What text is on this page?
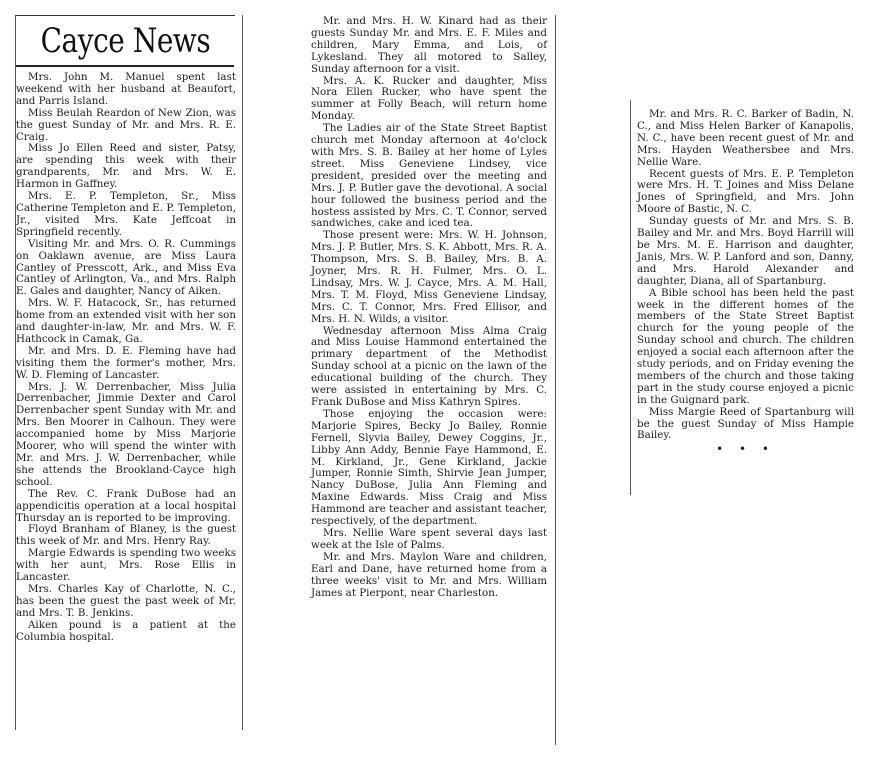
Cayce News

Mrs. John M. Manuel spent last weekend with her husband at Beaufort, and Parris Island.

Miss Beulah Reardon of New Zion, was the guest Sunday of Mr. and Mrs. R. E. Craig.

Miss Jo Ellen Reed and sister, Patsy, are spending this week with their grandparents, Mr. and Mrs. W. E. Harmon in Gaffney.

Mrs. E. P. Templeton, Sr., Miss Catherine Templeton and E. P. Templeton, Jr., visited Mrs. Kate Jeffcoat in Springfield recently.

Visiting Mr. and Mrs. O. R. Cummings on Oaklawn avenue, are Miss Laura Cantley of Presscott, Ark., and Miss Eva Cantley of Arlington, Va., and Mrs. Ralph E. Gales and daughter, Nancy of Aiken.

Mrs. W. F. Hatacock, Sr., has returned home from an extended visit with her son and daughter-in-law, Mr. and Mrs. W. F. Hathcock in Camak, Ga.

Mr. and Mrs. D. E. Fleming have had visiting them the former's mother, Mrs. W. D. Fleming of Lancaster.

Mrs. J. W. Derrenbacher, Miss Julia Derrenbacher, Jimmie Dexter and Carol Derrenbacher spent Sunday with Mr. and Mrs. Ben Moorer in Calhoun. They were accompanied home by Miss Marjorie Moorer, who will spend the winter with Mr. and Mrs. J. W. Derrenbacher, while she attends the Brookland-Cayce high school.

The Rev. C. Frank DuBose had an appendicitis operation at a local hospital Thursday an is reported to be improving.

Floyd Branham of Blaney, is the guest this week of Mr. and Mrs. Henry Ray.

Margie Edwards is spending two weeks with her aunt, Mrs. Rose Ellis in Lancaster.

Mrs. Charles Kay of Charlotte, N. C., has been the guest the past week of Mr. and Mrs. T. B. Jenkins.

Aiken pound is a patient at the Columbia hospital.

Mr. and Mrs. H. W. Kinard had as their guests Sunday Mr. and Mrs. E. F. Miles and children, Mary Emma, and Lois, of Lykesland. They all motored to Salley, Sunday afternoon for a visit.

Mrs. A. K. Rucker and daughter, Miss Nora Ellen Rucker, who have spent the summer at Folly Beach, will return home Monday.

The Ladies air of the State Street Baptist church met Monday afternoon at 4o'clock with Mrs. S. B. Bailey at her home of Lyles street. Miss Geneviene Lindsey, vice president, presided over the meeting and Mrs. J. P. Butler gave the devotional. A social hour followed the business period and the hostess assisted by Mrs. C. T. Connor, served sandwiches, cake and iced tea.

Those present were: Mrs. W. H. Johnson, Mrs. J. P. Butler, Mrs. S. K. Abbott, Mrs. R. A. Thompson, Mrs. S. B. Bailey, Mrs. B. A. Joyner, Mrs. R. H. Fulmer, Mrs. O. L. Lindsay, Mrs. W. J. Cayce, Mrs. A. M. Hall, Mrs. T. M. Floyd, Miss Geneviene Lindsay, Mrs. C. T. Connor, Mrs. Fred Ellisor, and Mrs. H. N. Wilds, a visitor.

Wednesday afternoon Miss Alma Craig and Miss Louise Hammond entertained the primary department of the Methodist Sunday school at a picnic on the lawn of the educational building of the church. They were assisted in entertaining by Mrs. C. Frank DuBose and Miss Kathryn Spires.

Those enjoying the occasion were: Marjorie Spires, Becky Jo Bailey, Ronnie Fernell, Slyvia Bailey, Dewey Coggins, Jr., Libby Ann Addy, Bennie Faye Hammond, E. M. Kirkland, Jr., Gene Kirkland, Jackie Jumper, Ronnie Simth, Shirvie Jean Jumper, Nancy DuBose, Julia Ann Fleming and Maxine Edwards. Miss Craig and Miss Hammond are teacher and assistant teacher, respectively, of the department.

Mrs. Nellie Ware spent several days last week at the Isle of Palms.

Mr. and Mrs. Maylon Ware and children, Earl and Dane, have returned home from a three weeks' visit to Mr. and Mrs. William James at Pierpont, near Charleston.

Mr. and Mrs. R. C. Barker of Badin, N. C., and Miss Helen Barker of Kanapolis, N. C., have been recent guest of Mr. and Mrs. Hayden Weathersbee and Mrs. Nellie Ware.

Recent guests of Mrs. E. P. Templeton were Mrs. H. T. Joines and Miss Delane Jones of Springfield, and Mrs. John Moore of Bastic, N. C.

Sunday guests of Mr. and Mrs. S. B. Bailey and Mr. and Mrs. Boyd Harrill will be Mrs. M. E. Harrison and daughter, Janis, Mrs. W. P. Lanford and son, Danny, and Mrs. Harold Alexander and daughter, Diana, all of Spartanburg.

A Bible school has been held the past week in the different homes of the members of the State Street Baptist church for the young people of the Sunday school and church. The children enjoyed a social each afternoon after the study periods, and on Friday evening the members of the church and those taking part in the study course enjoyed a picnic in the Guignard park.

Miss Margie Reed of Spartanburg will be the guest Sunday of Miss Hampie Bailey.

• • •
